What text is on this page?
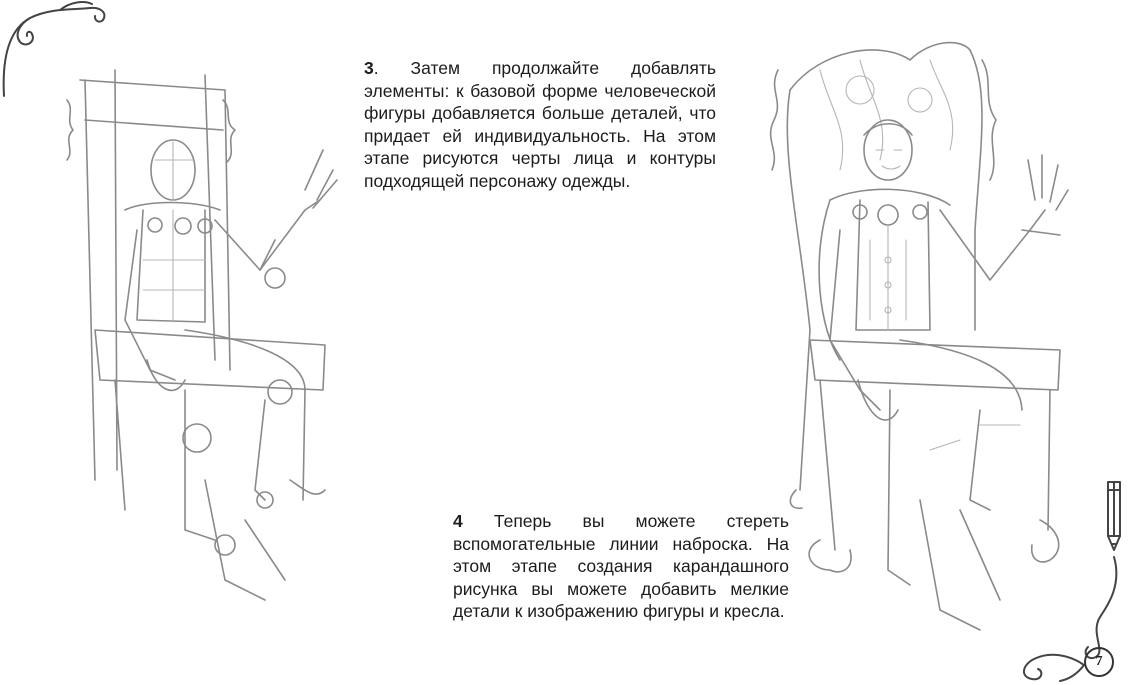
3. Затем продолжайте добавлять элементы: к базовой форме человеческой фигуры добавляется больше деталей, что придает ей индивидуальность. На этом этапе рисуются черты лица и контуры подходящей персонажу одежды.
4 Теперь вы можете стереть вспомогательные линии наброска. На этом этапе создания карандашного рисунка вы можете добавить мелкие детали к изображению фигуры и кресла.
7
